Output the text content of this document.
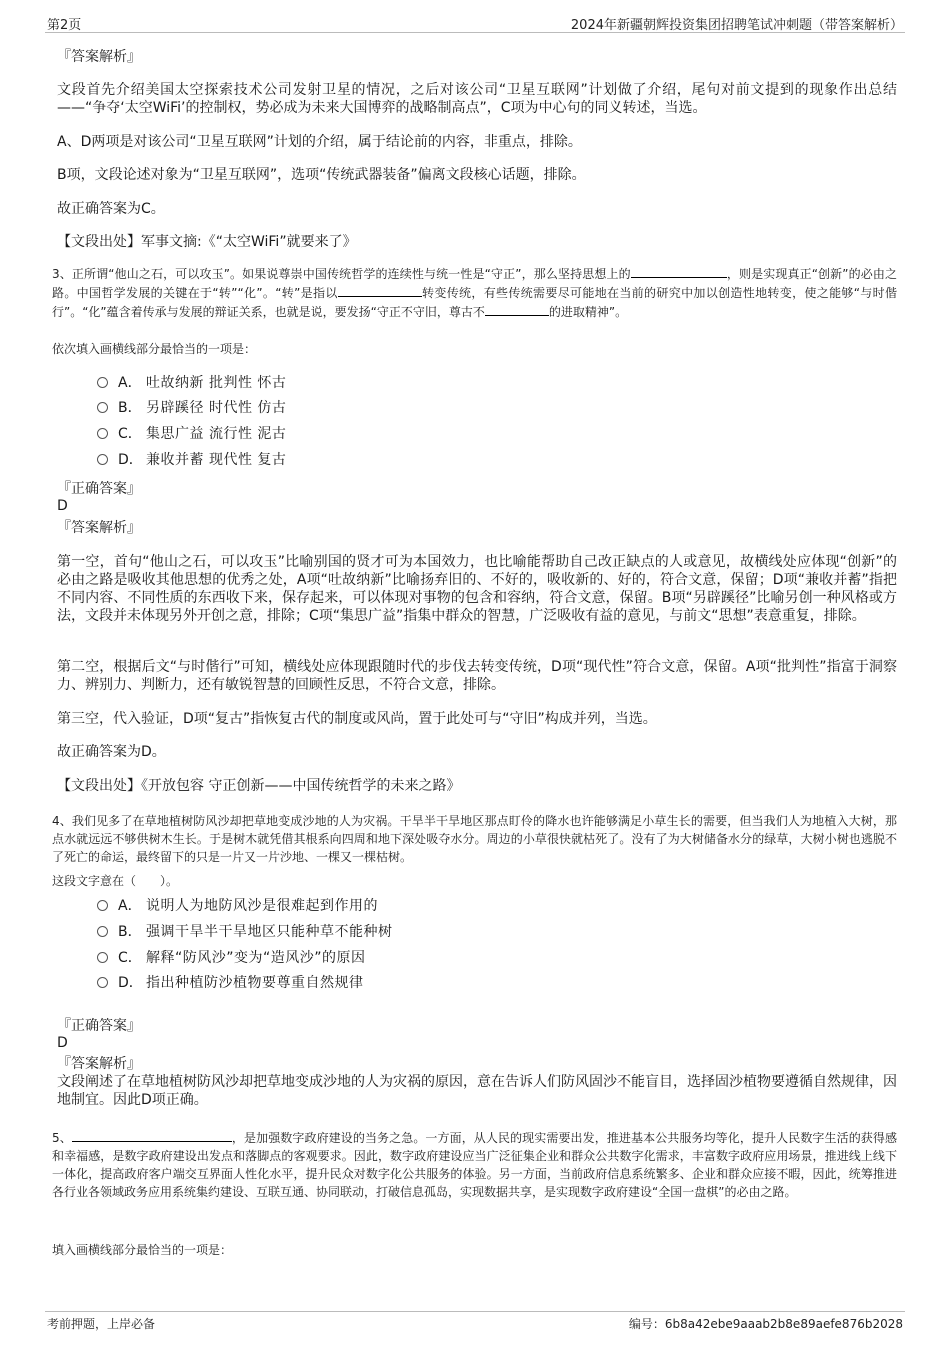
第2页	2024年新疆朝辉投资集团招聘笔试冲刺题（带答案解析）
『答案解析』
文段首先介绍美国太空探索技术公司发射卫星的情况，之后对该公司“卫星互联网”计划做了介绍，尾句对前文提到的现象作出总结——“争夺‘太空WiFi’的控制权，势必成为未来大国博弈的战略制高点”，C项为中心句的同义转述，当选。
A、D两项是对该公司“卫星互联网”计划的介绍，属于结论前的内容，非重点，排除。
B项，文段论述对象为“卫星互联网”，选项“传统武器装备”偏离文段核心话题，排除。
故正确答案为C。
【文段出处】军事文摘:《“太空WiFi”就要来了》
3、正所谓“他山之石，可以攻玉”。如果说尊崇中国传统哲学的连续性与统一性是“守正”，那么坚持思想上的	，则是实现真正“创新”的必由之路。中国哲学发展的关键在于“转”“化”。“转”是指以	转变传统，有些传统需要尽可能地在当前的研究中加以创造性地转变，使之能够“与时偕行”。“化”蕴含着传承与发展的辩证关系，也就是说，要发扬“守正不守旧，尊古不	的进取精神”。
依次填入画横线部分最恰当的一项是：
A． 吐故纳新 批判性 怀古
B． 另辟蹊径 时代性 仿古
C． 集思广益 流行性 泥古
D． 兼收并蓄 现代性 复古
『正确答案』
D
『答案解析』
第一空，首句“他山之石，可以攻玉”比喻别国的贤才可为本国效力，也比喻能帮助自己改正缺点的人或意见，故横线处应体现“创新”的必由之路是吸收其他思想的优秀之处，A项“吐故纳新”比喻扬弃旧的、不好的，吸收新的、好的，符合文意，保留；D项“兼收并蓄”指把不同内容、不同性质的东西收下来，保存起来，可以体现对事物的包含和容纳，符合文意，保留。B项“另辟蹊径”比喻另创一种风格或方法，文段并未体现另外开创之意，排除；C项“集思广益”指集中群众的智慧，广泛吸收有益的意见，与前文“思想”表意重复，排除。
第二空，根据后文“与时偕行”可知，横线处应体现跟随时代的步伐去转变传统，D项“现代性”符合文意，保留。A项“批判性”指富于洞察力、辨别力、判断力，还有敏锐智慧的回顾性反思，不符合文意，排除。
第三空，代入验证，D项“复古”指恢复古代的制度或风尚，置于此处可与“守旧”构成并列，当选。
故正确答案为D。
【文段出处】《开放包容 守正创新——中国传统哲学的未来之路》
4、我们见多了在草地植树防风沙却把草地变成沙地的人为灾祸。干旱半干旱地区那点盯伶的降水也许能够满足小草生长的需要，但当我们人为地植入大树，那点水就远远不够供树木生长。于是树木就凭借其根系向四周和地下深处吸夺水分。周边的小草很快就枯死了。没有了为大树储备水分的绿草，大树小树也逃脱不了死亡的命运，最终留下的只是一片又一片沙地、一棵又一棵枯树。
这段文字意在（　　）。
A． 说明人为地防风沙是很难起到作用的
B． 强调干旱半干旱地区只能种草不能种树
C． 解释“防风沙”变为“造风沙”的原因
D． 指出种植防沙植物要尊重自然规律
『正确答案』
D
『答案解析』
文段阐述了在草地植树防风沙却把草地变成沙地的人为灾祸的原因，意在告诉人们防风固沙不能盲目，选择固沙植物要遵循自然规律，因地制宜。因此D项正确。
5、	，是加强数字政府建设的当务之急。一方面，从人民的现实需要出发，推进基本公共服务均等化，提升人民数字生活的获得感和幸福感，是数字政府建设出发点和落脚点的客观要求。因此，数字政府建设应当广泛征集企业和群众公共数字化需求，丰富数字政府应用场景，推进线上线下一体化，提高政府客户端交互界面人性化水平，提升民众对数字化公共服务的体验。另一方面，当前政府信息系统繁多、企业和群众应接不暇，因此，统筹推进各行业各领域政务应用系统集约建设、互联互通、协同联动，打破信息孤岛，实现数据共享，是实现数字政府建设“全国一盘棋”的必由之路。
填入画横线部分最恰当的一项是：
考前押题，上岸必备	编号：6b8a42ebe9aaab2b8e89aefe876b2028
